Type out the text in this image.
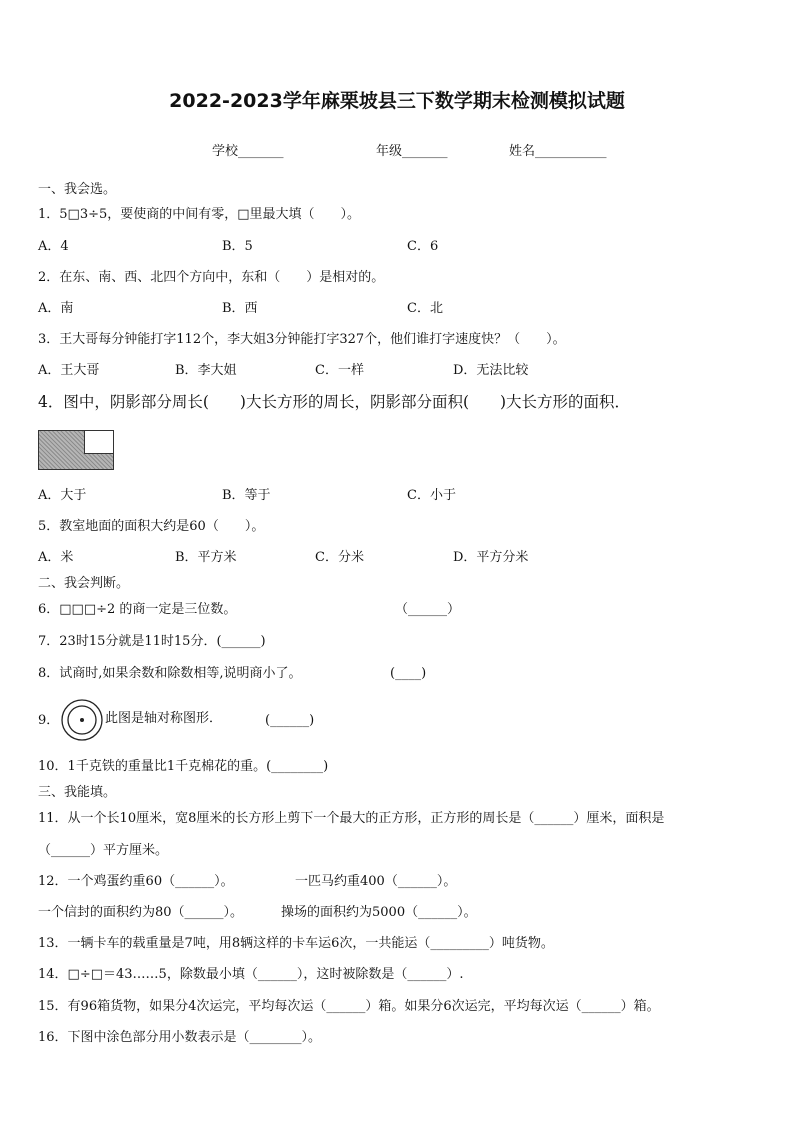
2022-2023学年麻栗坡县三下数学期末检测模拟试题
学校_______	年级_______	姓名___________
一、我会选。
1．5□3÷5，要使商的中间有零，□里最大填（　　）。
A．4	B．5	C．6
2．在东、南、西、北四个方向中，东和（　　）是相对的。
A．南	B．西	C．北
3．王大哥每分钟能打字112个，李大姐3分钟能打字327个，他们谁打字速度快？（　　）。
A．王大哥	B．李大姐	C．一样	D．无法比较
4．图中，阴影部分周长(　　)大长方形的周长，阴影部分面积(　　)大长方形的面积．
A．大于	B．等于	C．小于
5．教室地面的面积大约是60（　　）。
A．米	B．平方米	C．分米	D．平方分米
二、我会判断。
6．□□□÷2 的商一定是三位数。	（______）
7．23时15分就是11时15分．(______)
8．试商时,如果余数和除数相等,说明商小了。	(____)
9．	此图是轴对称图形．	(______)
10．1千克铁的重量比1千克棉花的重。(________)
三、我能填。
11．从一个长10厘米，宽8厘米的长方形上剪下一个最大的正方形，正方形的周长是（______）厘米，面积是
（______）平方厘米。
12．一个鸡蛋约重60（______）。	一匹马约重400（______）。
一个信封的面积约为80（______）。	操场的面积约为5000（______）。
13．一辆卡车的载重量是7吨，用8辆这样的卡车运6次，一共能运（_________）吨货物。
14．□÷□＝43……5，除数最小填（______），这时被除数是（______）.
15．有96箱货物，如果分4次运完，平均每次运（______）箱。如果分6次运完，平均每次运（______）箱。
16．下图中涂色部分用小数表示是（________）。
